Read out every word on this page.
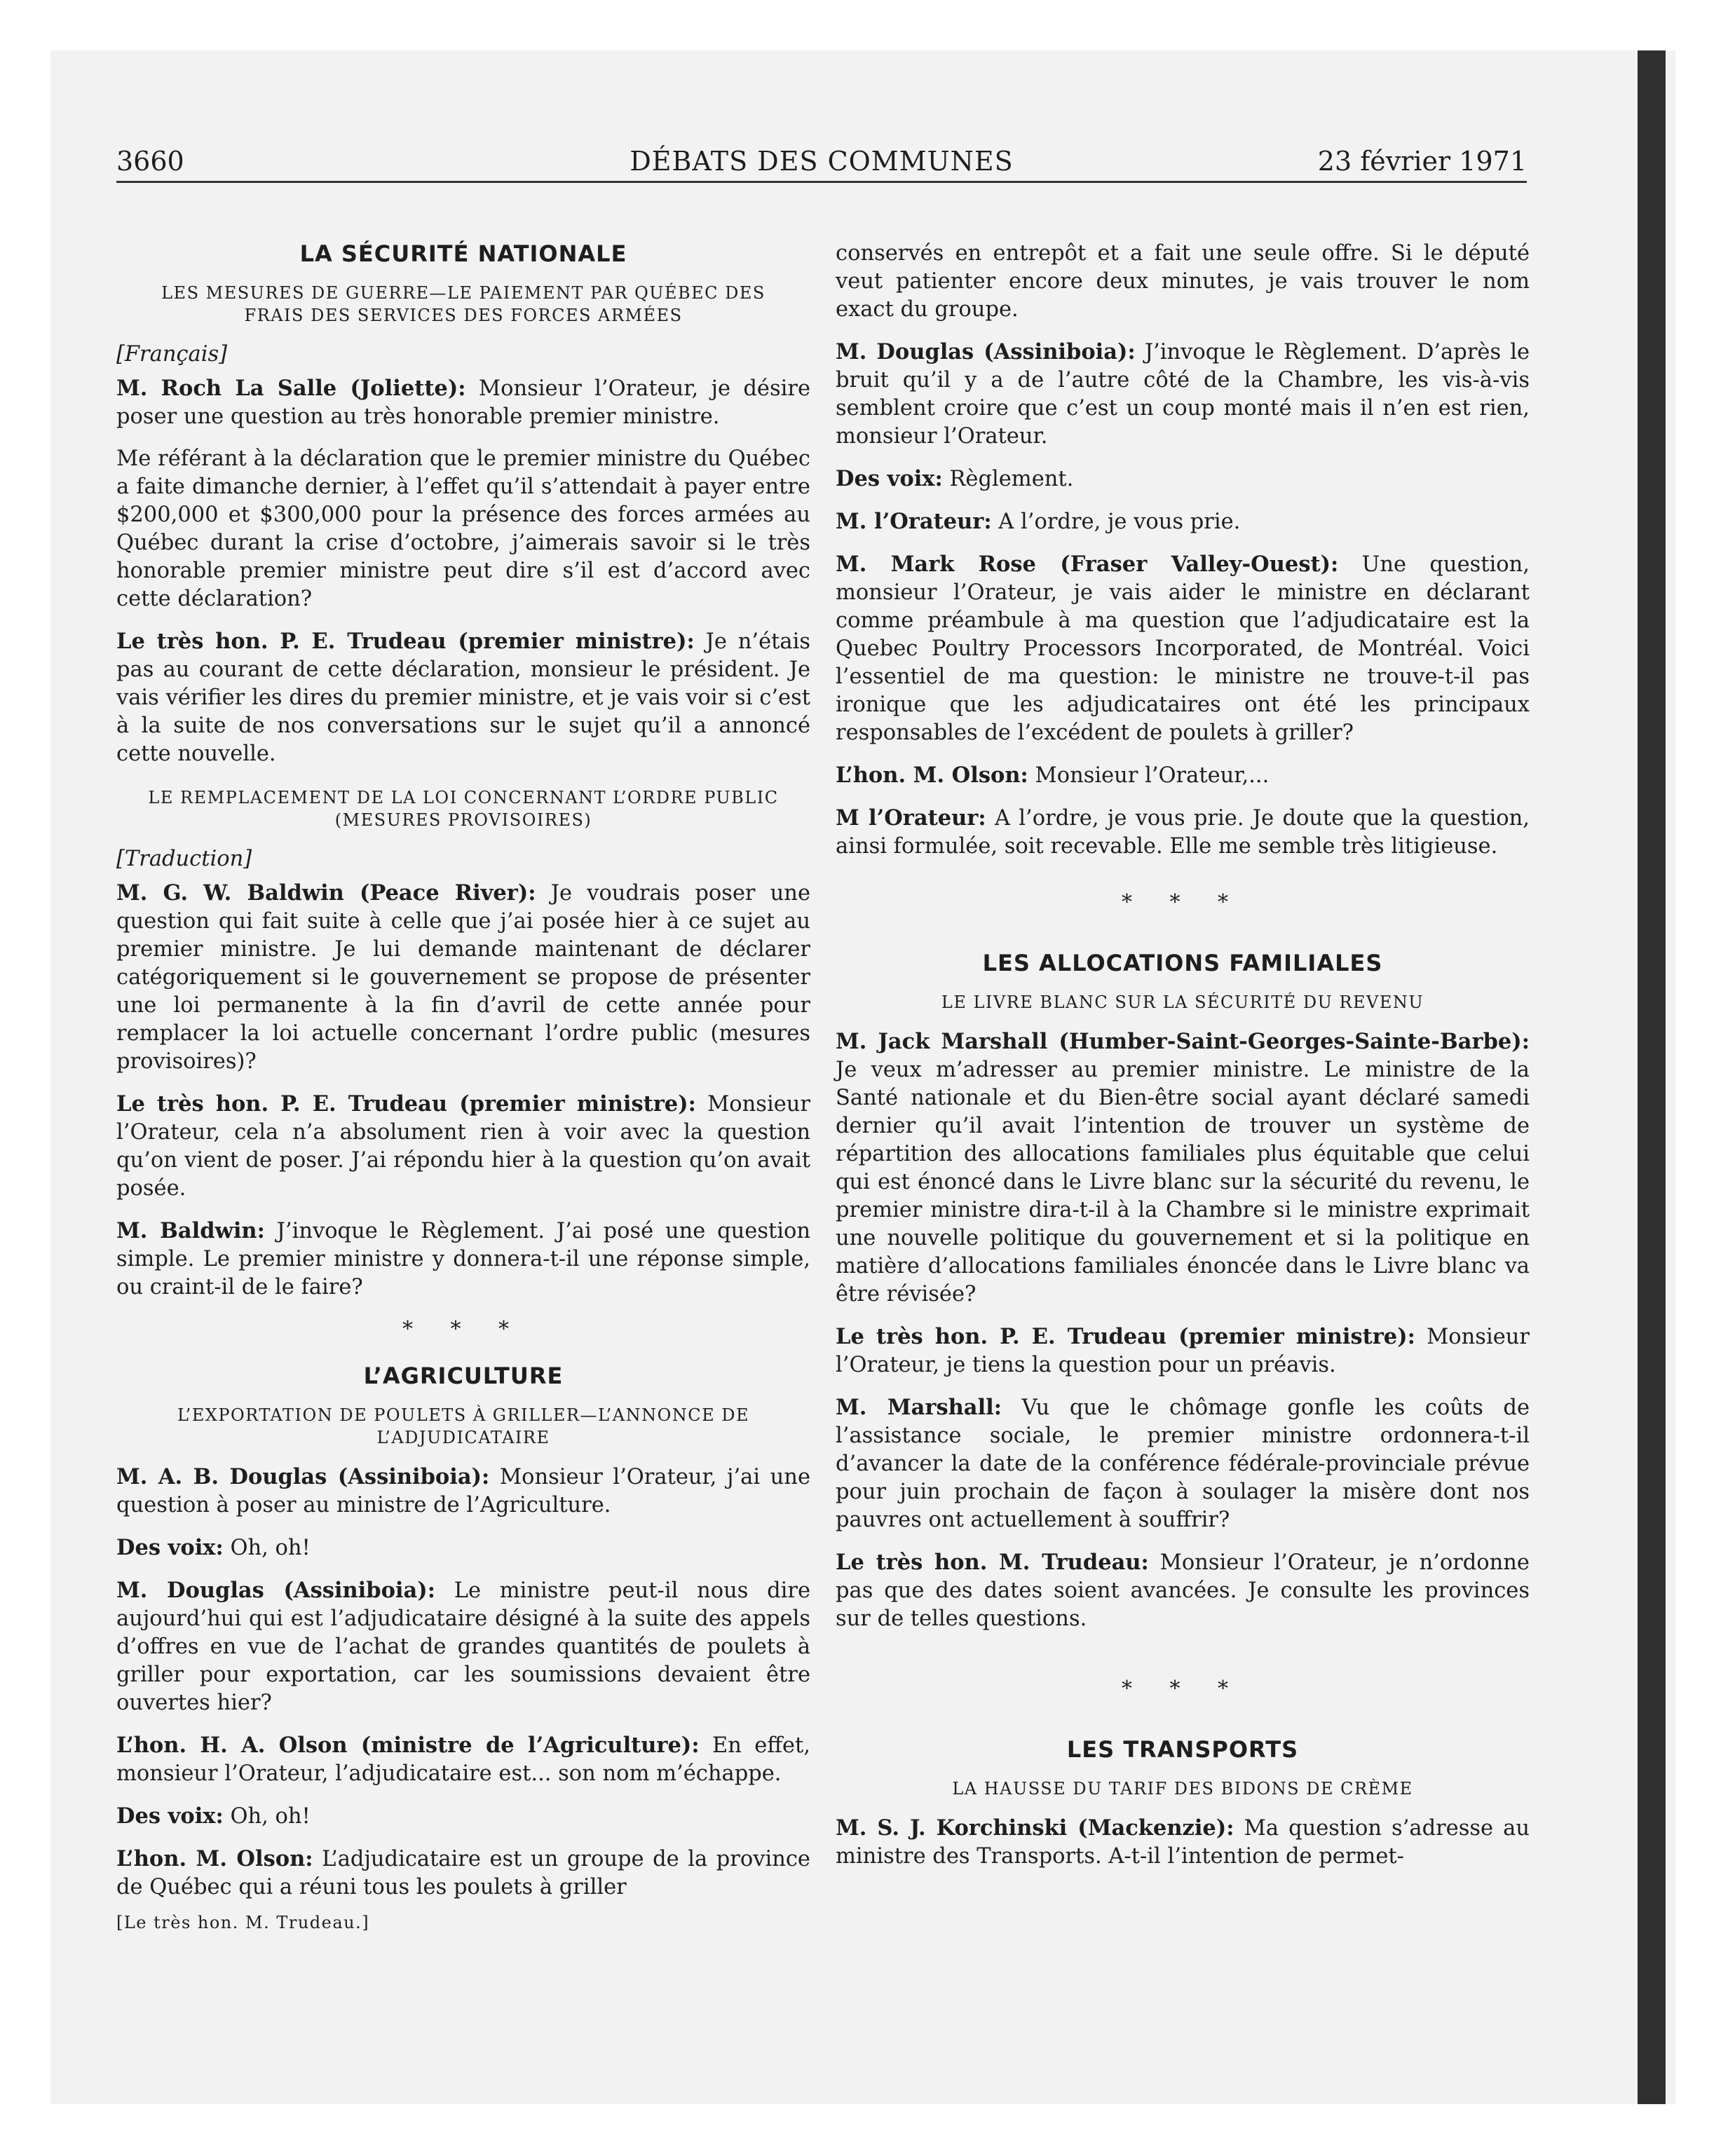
3660	DÉBATS DES COMMUNES	23 février 1971
LA SÉCURITÉ NATIONALE
LES MESURES DE GUERRE—LE PAIEMENT PAR QUÉBEC DES FRAIS DES SERVICES DES FORCES ARMÉES
[Français]

M. Roch La Salle (Joliette): Monsieur l’Orateur, je désire poser une question au très honorable premier ministre.

Me référant à la déclaration que le premier ministre du Québec a faite dimanche dernier, à l’effet qu’il s’attendait à payer entre $200,000 et $300,000 pour la présence des forces armées au Québec durant la crise d’octobre, j’aimerais savoir si le très honorable premier ministre peut dire s’il est d’accord avec cette déclaration?

Le très hon. P. E. Trudeau (premier ministre): Je n’étais pas au courant de cette déclaration, monsieur le président. Je vais vérifier les dires du premier ministre, et je vais voir si c’est à la suite de nos conversations sur le sujet qu’il a annoncé cette nouvelle.

LE REMPLACEMENT DE LA LOI CONCERNANT L’ORDRE PUBLIC (MESURES PROVISOIRES)
[Traduction]

M. G. W. Baldwin (Peace River): Je voudrais poser une question qui fait suite à celle que j’ai posée hier à ce sujet au premier ministre. Je lui demande maintenant de déclarer catégoriquement si le gouvernement se propose de présenter une loi permanente à la fin d’avril de cette année pour remplacer la loi actuelle concernant l’ordre public (mesures provisoires)?

Le très hon. P. E. Trudeau (premier ministre): Monsieur l’Orateur, cela n’a absolument rien à voir avec la question qu’on vient de poser. J’ai répondu hier à la question qu’on avait posée.

M. Baldwin: J’invoque le Règlement. J’ai posé une question simple. Le premier ministre y donnera-t-il une réponse simple, ou craint-il de le faire?

* * *
L’AGRICULTURE
L’EXPORTATION DE POULETS À GRILLER—L’ANNONCE DE L’ADJUDICATAIRE

M. A. B. Douglas (Assiniboia): Monsieur l’Orateur, j’ai une question à poser au ministre de l’Agriculture.

Des voix: Oh, oh!

M. Douglas (Assiniboia): Le ministre peut-il nous dire aujourd’hui qui est l’adjudicataire désigné à la suite des appels d’offres en vue de l’achat de grandes quantités de poulets à griller pour exportation, car les soumissions devaient être ouvertes hier?

L’hon. H. A. Olson (ministre de l’Agriculture): En effet, monsieur l’Orateur, l’adjudicataire est... son nom m’échappe.

Des voix: Oh, oh!

L’hon. M. Olson: L’adjudicataire est un groupe de la province de Québec qui a réuni tous les poulets à griller

[Le très hon. M. Trudeau.]

conservés en entrepôt et a fait une seule offre. Si le député veut patienter encore deux minutes, je vais trouver le nom exact du groupe.

M. Douglas (Assiniboia): J’invoque le Règlement. D’après le bruit qu’il y a de l’autre côté de la Chambre, les vis-à-vis semblent croire que c’est un coup monté mais il n’en est rien, monsieur l’Orateur.

Des voix: Règlement.

M. l’Orateur: A l’ordre, je vous prie.

M. Mark Rose (Fraser Valley-Ouest): Une question, monsieur l’Orateur, je vais aider le ministre en déclarant comme préambule à ma question que l’adjudicataire est la Quebec Poultry Processors Incorporated, de Montréal. Voici l’essentiel de ma question: le ministre ne trouve-t-il pas ironique que les adjudicataires ont été les principaux responsables de l’excédent de poulets à griller?

L’hon. M. Olson: Monsieur l’Orateur,...

M l’Orateur: A l’ordre, je vous prie. Je doute que la question, ainsi formulée, soit recevable. Elle me semble très litigieuse.

* * *
LES ALLOCATIONS FAMILIALES
LE LIVRE BLANC SUR LA SÉCURITÉ DU REVENU

M. Jack Marshall (Humber-Saint-Georges-Sainte-Barbe): Je veux m’adresser au premier ministre. Le ministre de la Santé nationale et du Bien-être social ayant déclaré samedi dernier qu’il avait l’intention de trouver un système de répartition des allocations familiales plus équitable que celui qui est énoncé dans le Livre blanc sur la sécurité du revenu, le premier ministre dira-t-il à la Chambre si le ministre exprimait une nouvelle politique du gouvernement et si la politique en matière d’allocations familiales énoncée dans le Livre blanc va être révisée?

Le très hon. P. E. Trudeau (premier ministre): Monsieur l’Orateur, je tiens la question pour un préavis.

M. Marshall: Vu que le chômage gonfle les coûts de l’assistance sociale, le premier ministre ordonnera-t-il d’avancer la date de la conférence fédérale-provinciale prévue pour juin prochain de façon à soulager la misère dont nos pauvres ont actuellement à souffrir?

Le très hon. M. Trudeau: Monsieur l’Orateur, je n’ordonne pas que des dates soient avancées. Je consulte les provinces sur de telles questions.

* * *
LES TRANSPORTS
LA HAUSSE DU TARIF DES BIDONS DE CRÈME

M. S. J. Korchinski (Mackenzie): Ma question s’adresse au ministre des Transports. A-t-il l’intention de permet-
